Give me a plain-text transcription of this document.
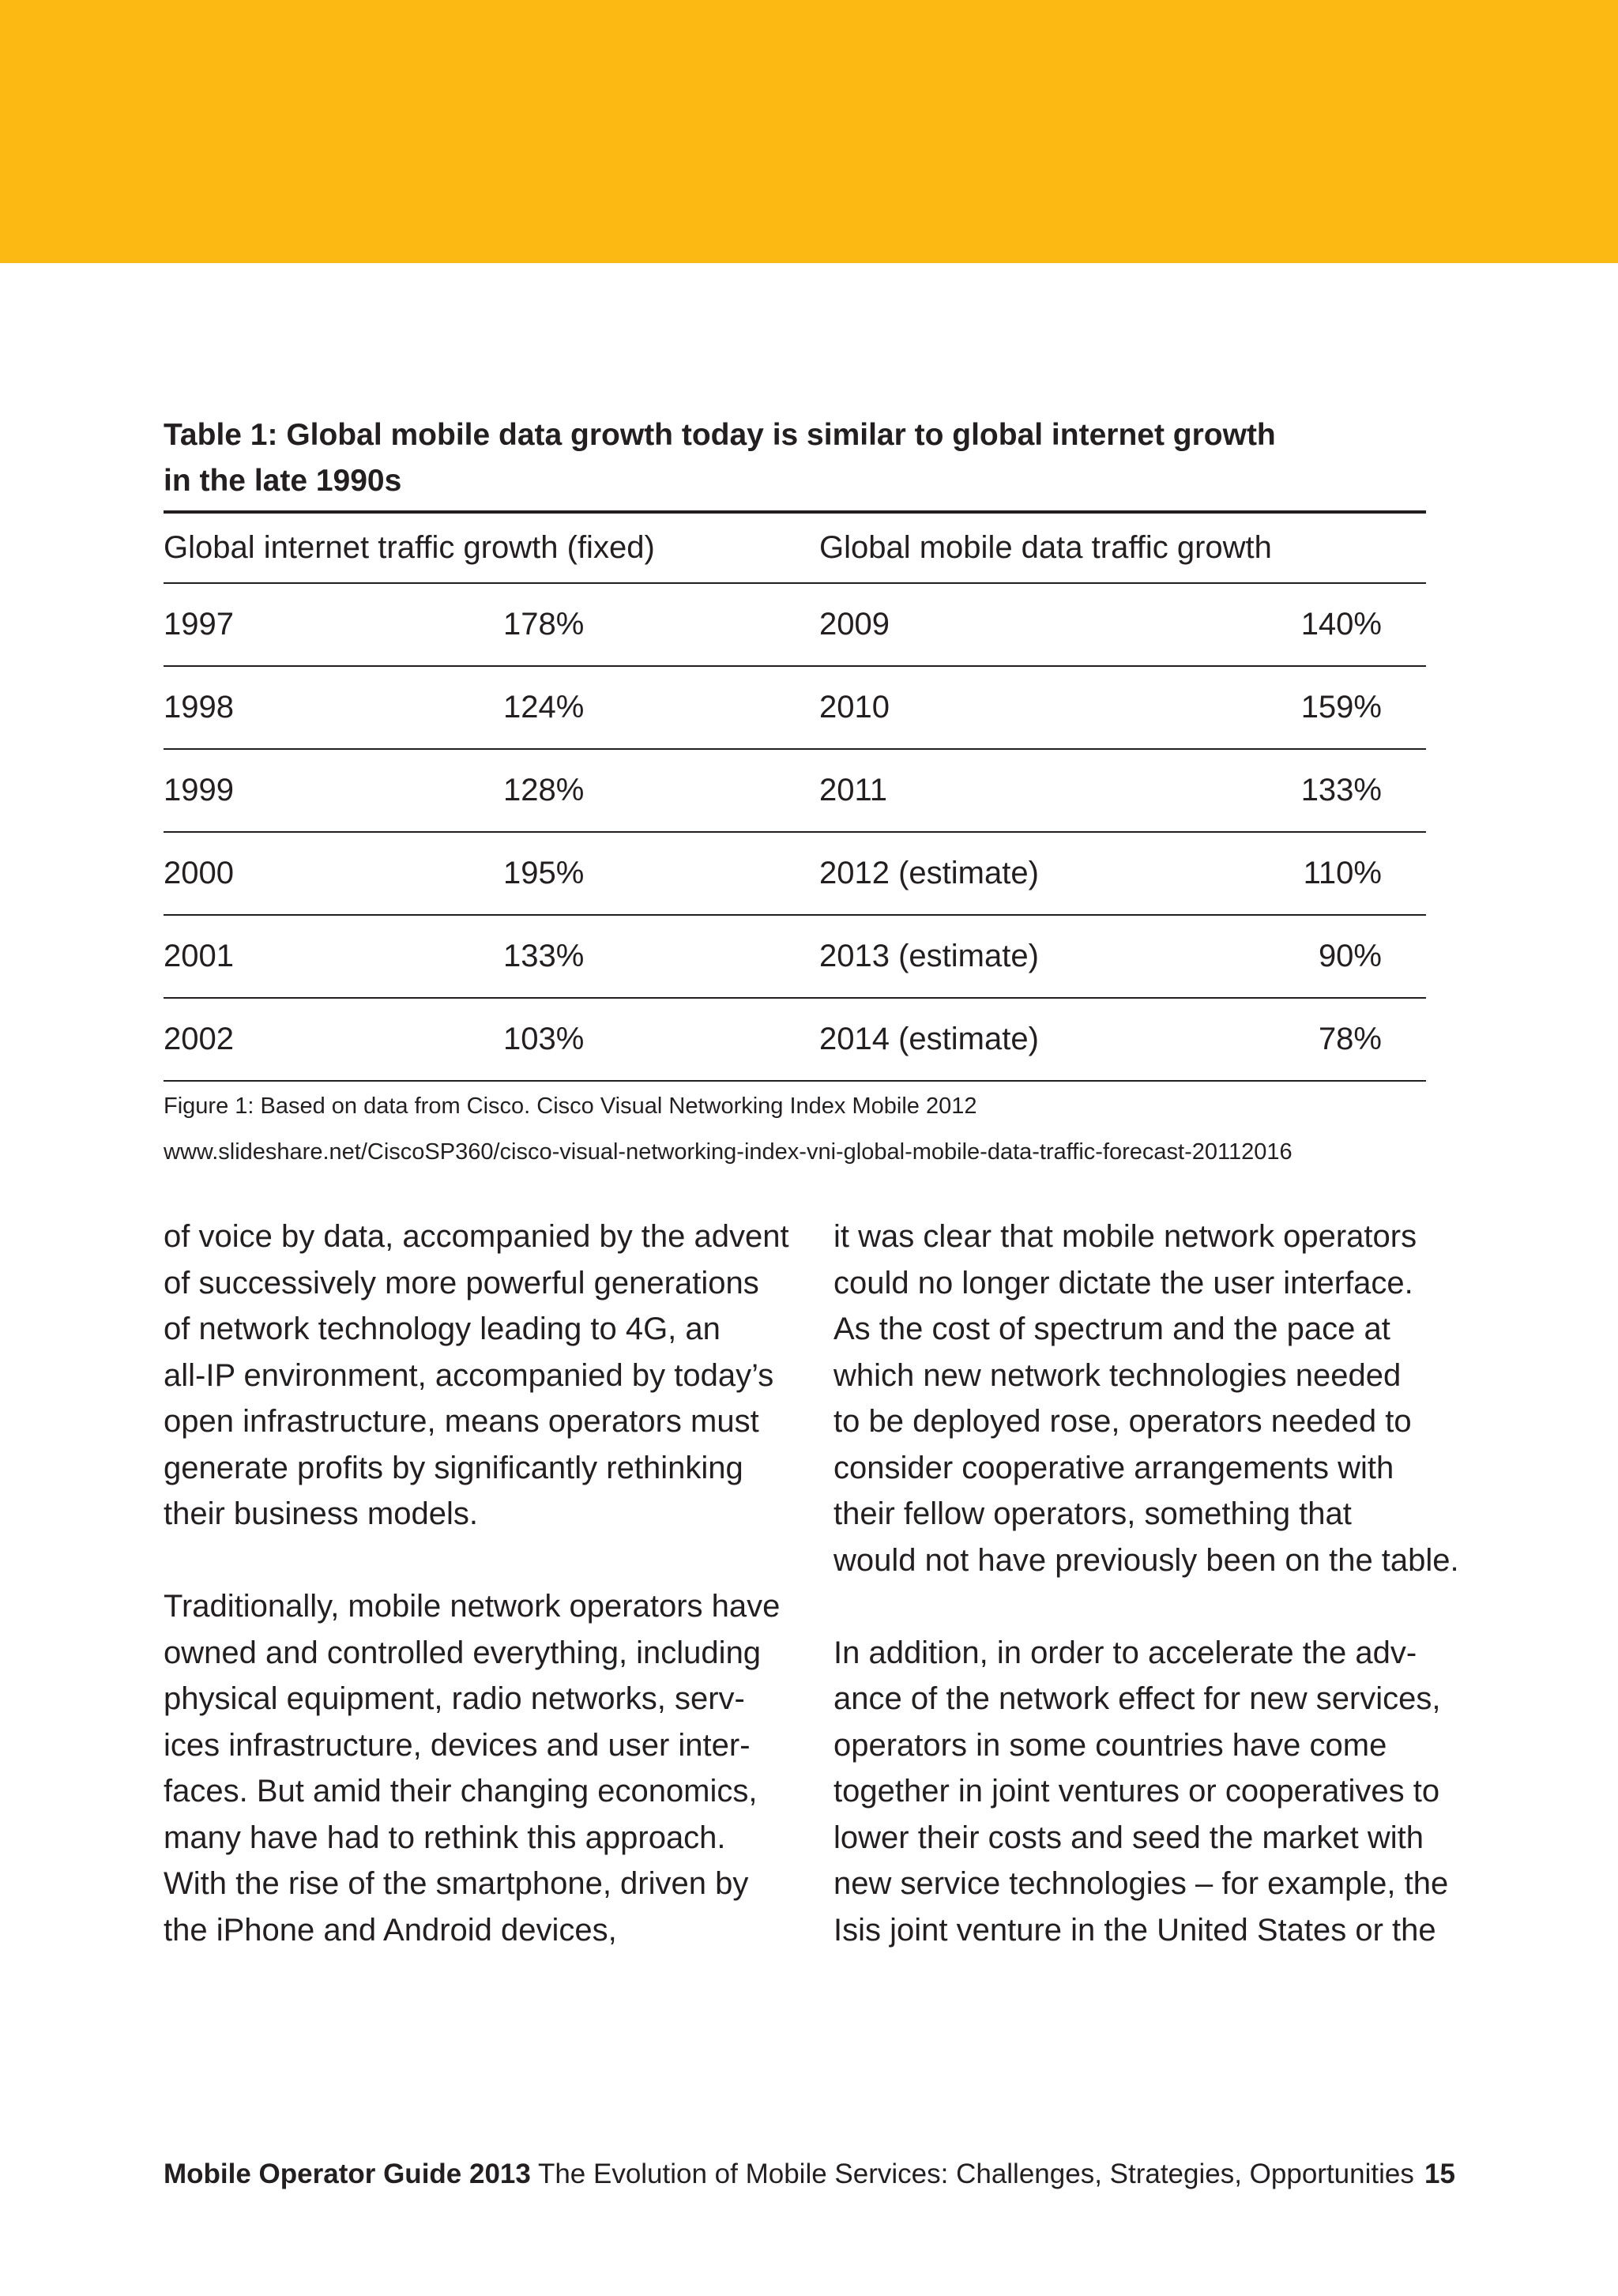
Table 1: Global mobile data growth today is similar to global internet growth
in the late 1990s
Global internet traffic growth (fixed)		Global mobile data traffic growth	
1997	178%	2009	140%
1998	124%	2010	159%
1999	128%	2011	133%
2000	195%	2012 (estimate)	110%
2001	133%	2013 (estimate)	90%
2002	103%	2014 (estimate)	78%

Figure 1: Based on data from Cisco. Cisco Visual Networking Index Mobile 2012

www.slideshare.net/CiscoSP360/cisco-visual-networking-index-vni-global-mobile-data-traffic-forecast-20112016

of voice by data, accompanied by the advent
of successively more powerful generations
of network technology leading to 4G, an
all-IP environment, accompanied by today’s
open infrastructure, means operators must
generate profits by significantly rethinking
their business models.

Traditionally, mobile network operators have
owned and controlled everything, including
physical equipment, radio networks, serv-
ices infrastructure, devices and user inter-
faces. But amid their changing economics,
many have had to rethink this approach.
With the rise of the smartphone, driven by
the iPhone and Android devices,

it was clear that mobile network operators
could no longer dictate the user interface.
As the cost of spectrum and the pace at
which new network technologies needed
to be deployed rose, operators needed to
consider cooperative arrangements with
their fellow operators, something that
would not have previously been on the table.

In addition, in order to accelerate the adv-
ance of the network effect for new services,
operators in some countries have come
together in joint ventures or cooperatives to
lower their costs and seed the market with
new service technologies – for example, the
Isis joint venture in the United States or the

Mobile Operator Guide 2013 The Evolution of Mobile Services: Challenges, Strategies, Opportunities 15
